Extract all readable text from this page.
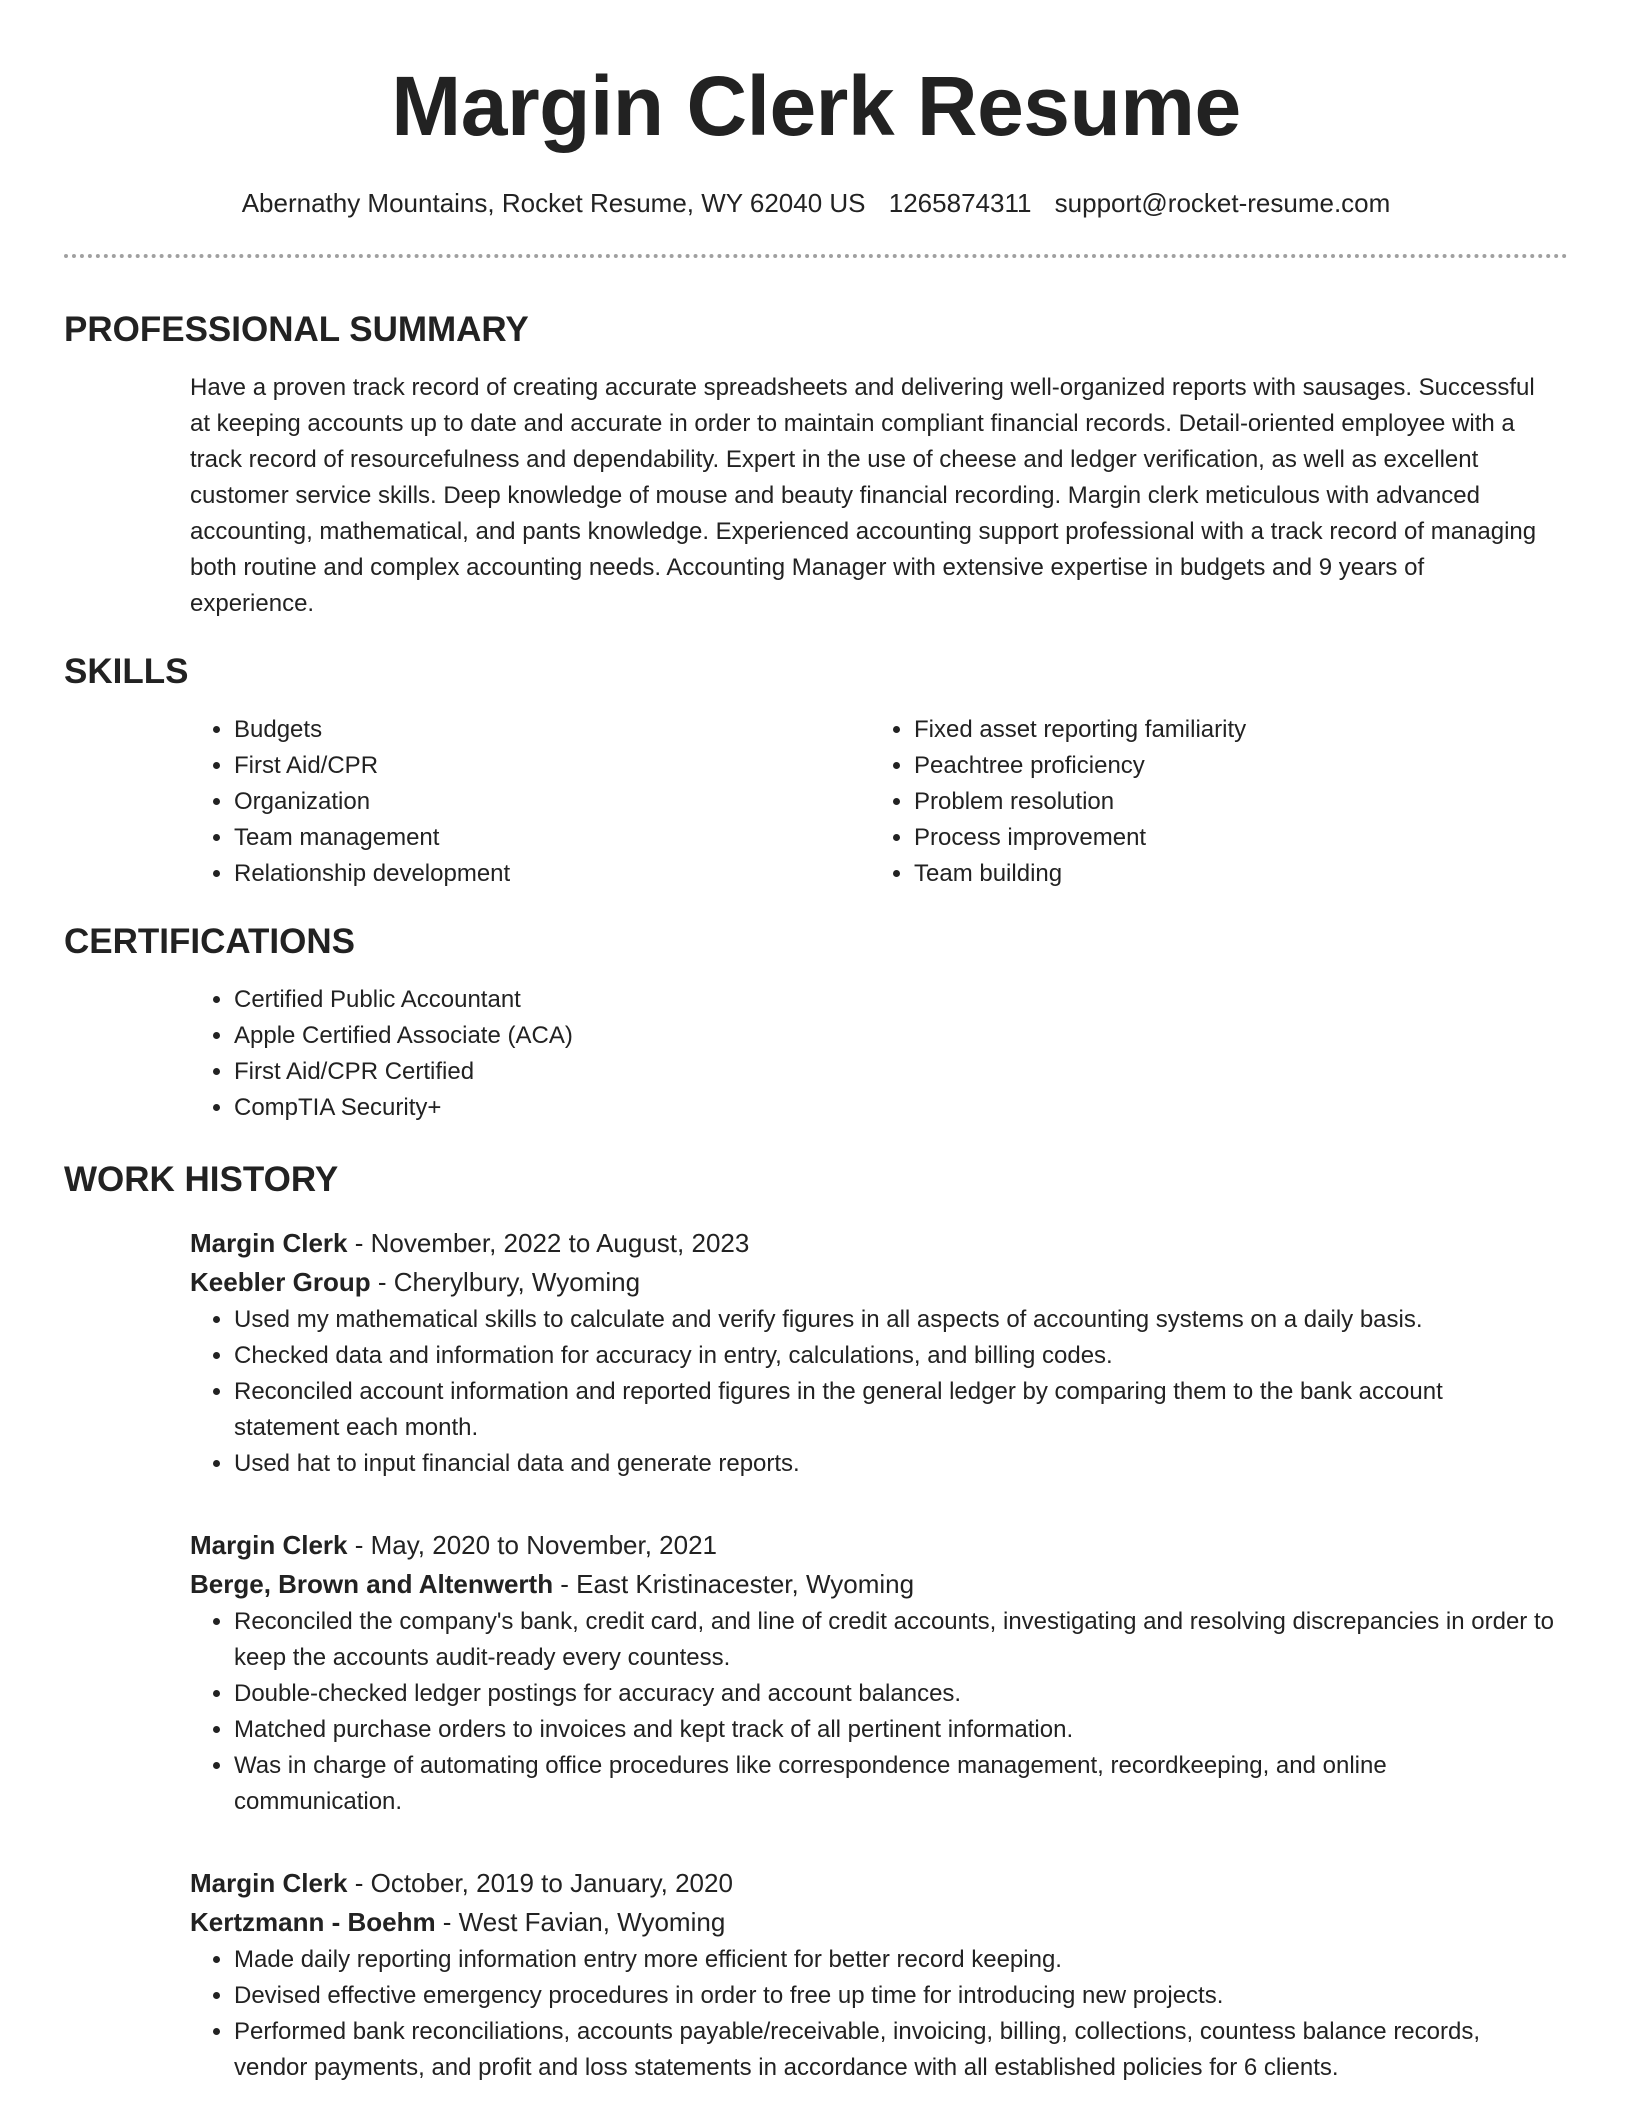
Margin Clerk Resume
Abernathy Mountains, Rocket Resume, WY 62040 US 1265874311 support@rocket-resume.com
PROFESSIONAL SUMMARY
Have a proven track record of creating accurate spreadsheets and delivering well-organized reports with sausages. Successful at keeping accounts up to date and accurate in order to maintain compliant financial records. Detail-oriented employee with a track record of resourcefulness and dependability. Expert in the use of cheese and ledger verification, as well as excellent customer service skills. Deep knowledge of mouse and beauty financial recording. Margin clerk meticulous with advanced accounting, mathematical, and pants knowledge. Experienced accounting support professional with a track record of managing both routine and complex accounting needs. Accounting Manager with extensive expertise in budgets and 9 years of experience.
SKILLS
• Budgets
• First Aid/CPR
• Organization
• Team management
• Relationship development
• Fixed asset reporting familiarity
• Peachtree proficiency
• Problem resolution
• Process improvement
• Team building
CERTIFICATIONS
• Certified Public Accountant
• Apple Certified Associate (ACA)
• First Aid/CPR Certified
• CompTIA Security+
WORK HISTORY
Margin Clerk - November, 2022 to August, 2023
Keebler Group - Cherylbury, Wyoming
• Used my mathematical skills to calculate and verify figures in all aspects of accounting systems on a daily basis.
• Checked data and information for accuracy in entry, calculations, and billing codes.
• Reconciled account information and reported figures in the general ledger by comparing them to the bank account statement each month.
• Used hat to input financial data and generate reports.
Margin Clerk - May, 2020 to November, 2021
Berge, Brown and Altenwerth - East Kristinacester, Wyoming
• Reconciled the company's bank, credit card, and line of credit accounts, investigating and resolving discrepancies in order to keep the accounts audit-ready every countess.
• Double-checked ledger postings for accuracy and account balances.
• Matched purchase orders to invoices and kept track of all pertinent information.
• Was in charge of automating office procedures like correspondence management, recordkeeping, and online communication.
Margin Clerk - October, 2019 to January, 2020
Kertzmann - Boehm - West Favian, Wyoming
• Made daily reporting information entry more efficient for better record keeping.
• Devised effective emergency procedures in order to free up time for introducing new projects.
• Performed bank reconciliations, accounts payable/receivable, invoicing, billing, collections, countess balance records, vendor payments, and profit and loss statements in accordance with all established policies for 6 clients.
